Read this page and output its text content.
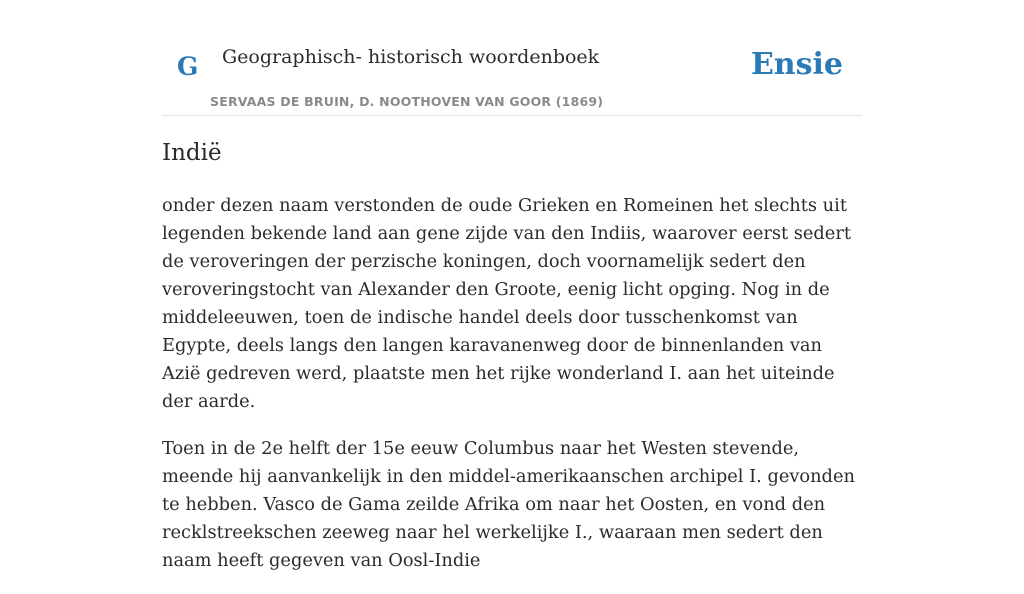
G Geographisch- historisch woordenboek
SERVAAS DE BRUIN, D. NOOTHOVEN VAN GOOR (1869)
Ensie
Indië

onder dezen naam verstonden de oude Grieken en Romeinen het slechts uit legenden bekende land aan gene zijde van den Indiis, waarover eerst sedert de veroveringen der perzische koningen, doch voornamelijk sedert den veroveringstocht van Alexander den Groote, eenig licht opging. Nog in de middeleeuwen, toen de indische handel deels door tusschenkomst van Egypte, deels langs den langen karavanenweg door de binnenlanden van Azië gedreven werd, plaatste men het rijke wonderland I. aan het uiteinde der aarde.

Toen in de 2e helft der 15e eeuw Columbus naar het Westen stevende, meende hij aanvankelijk in den middel-amerikaanschen archipel I. gevonden te hebben. Vasco de Gama zeilde Afrika om naar het Oosten, en vond den recklstreekschen zeeweg naar hel werkelijke I., waaraan men sedert den naam heeft gegeven van Oosl-Indie
